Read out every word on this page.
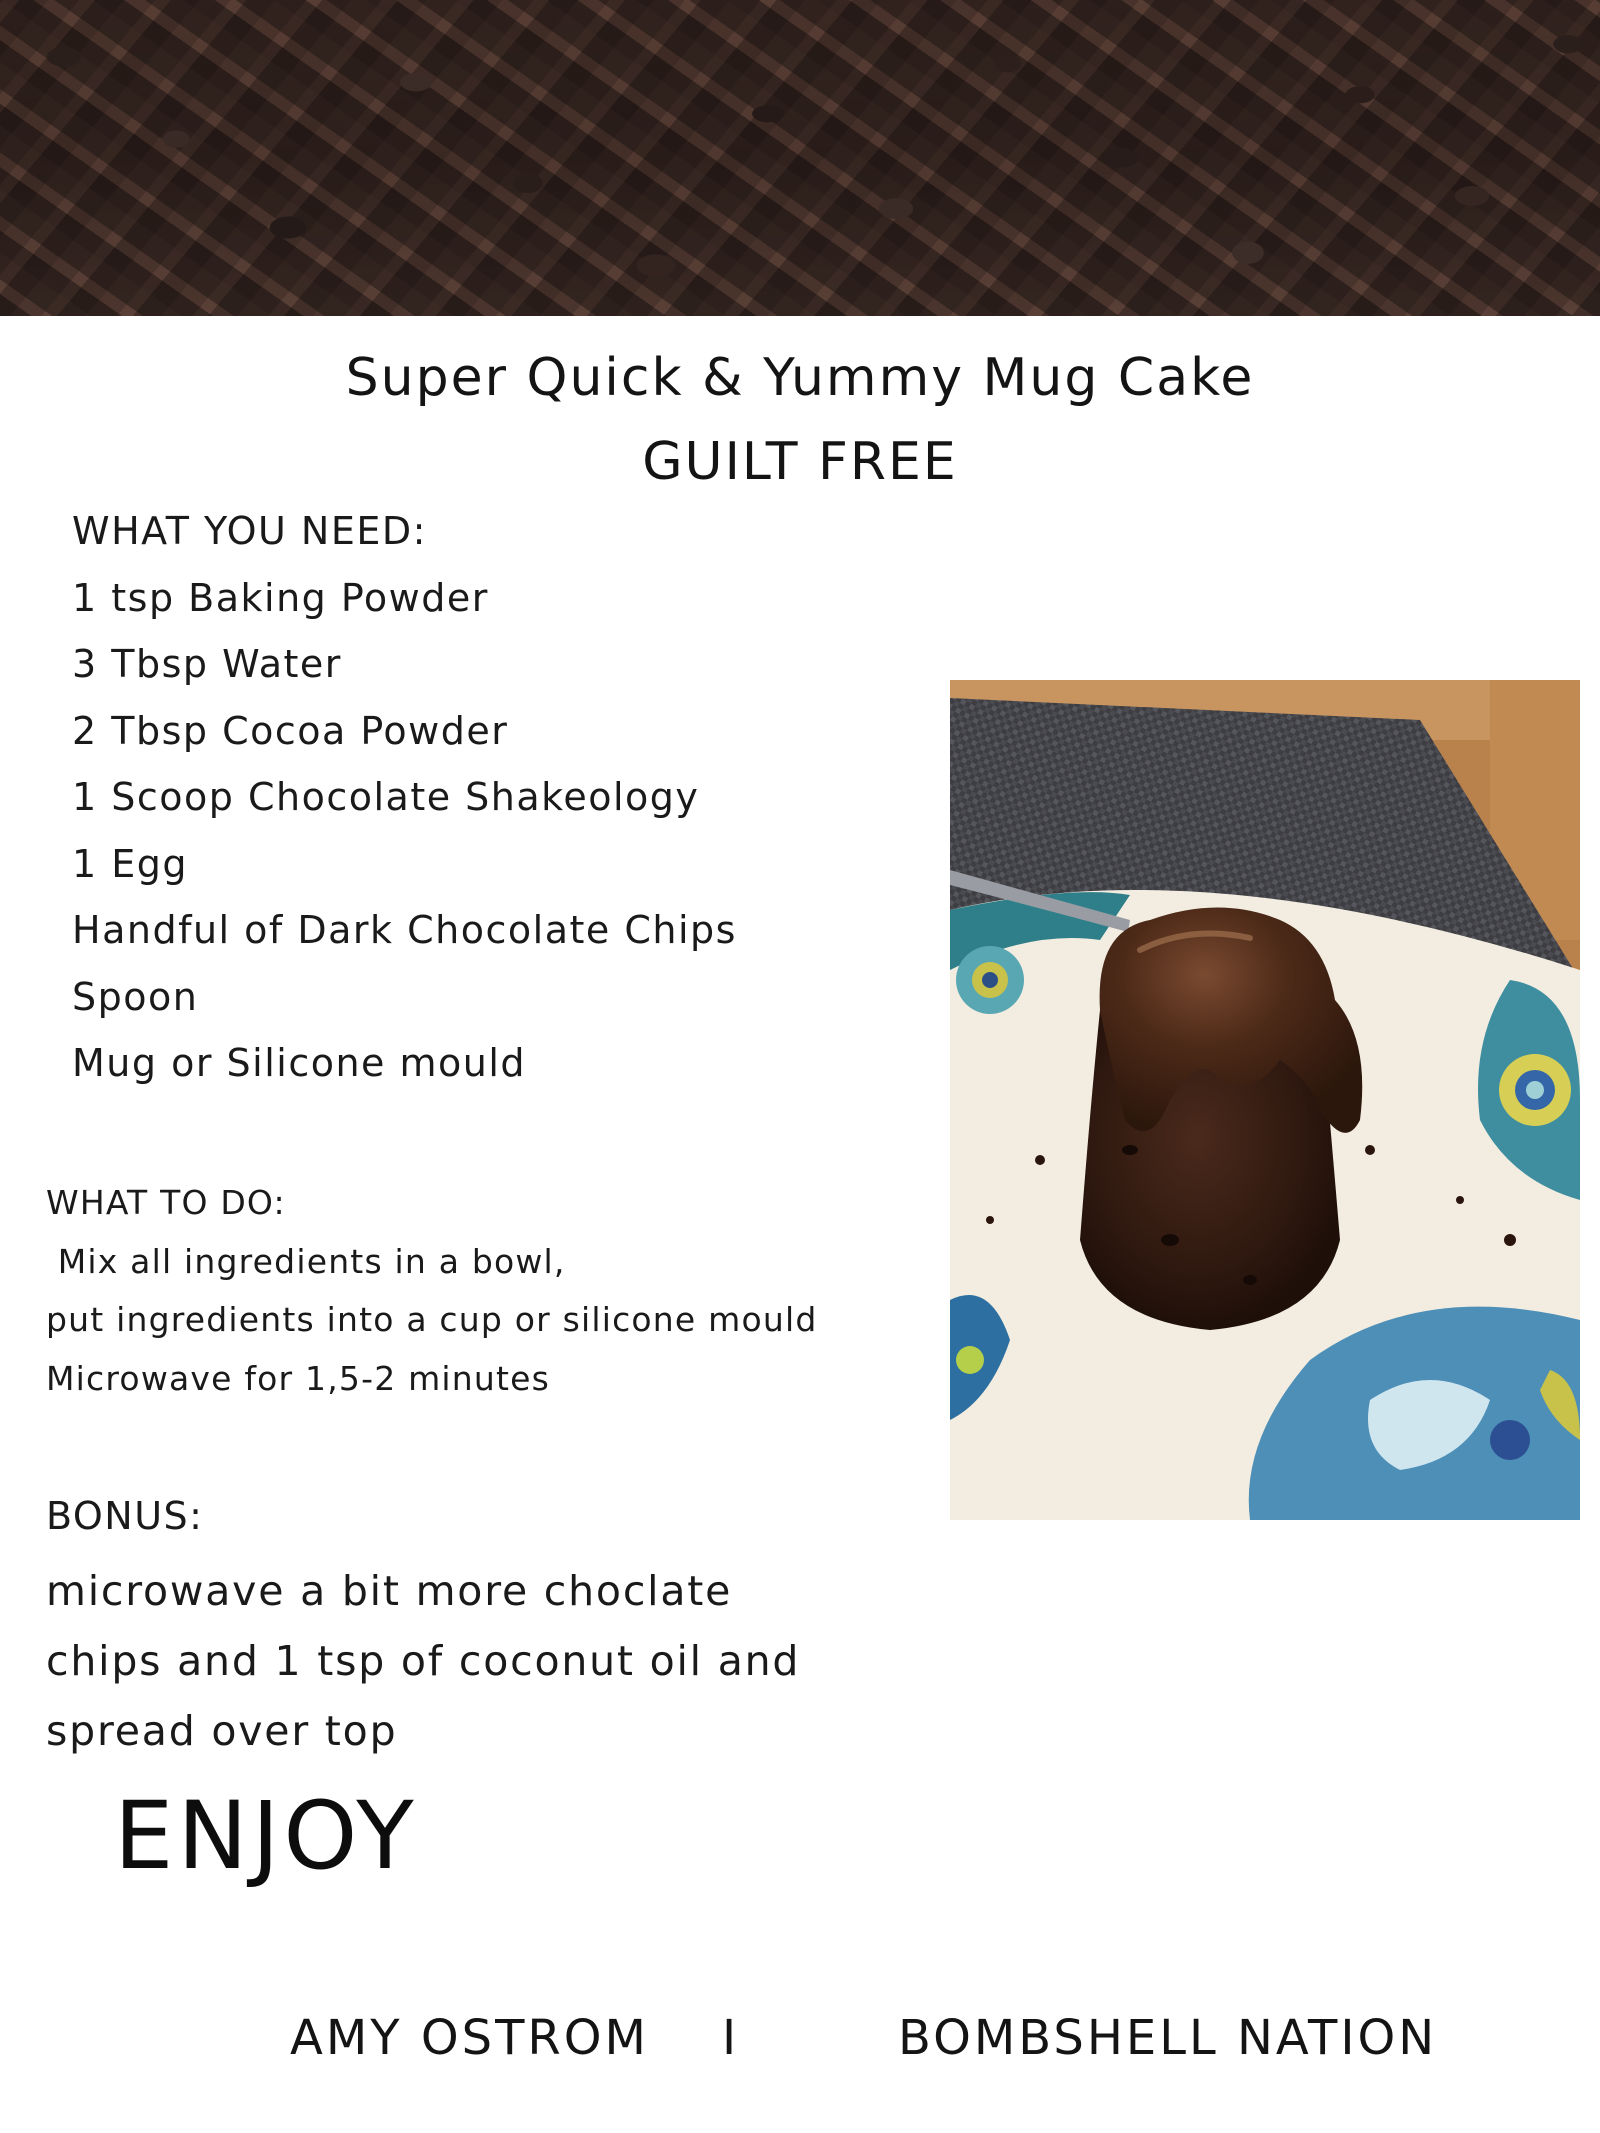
Super Quick & Yummy Mug Cake
GUILT FREE
WHAT YOU NEED:
1 tsp Baking Powder
3 Tbsp Water
2 Tbsp Cocoa Powder
1 Scoop Chocolate Shakeology
1 Egg
Handful of Dark Chocolate Chips
Spoon
Mug or Silicone mould
WHAT TO DO:
Mix all ingredients in a bowl,
put ingredients into a cup or silicone mould
Microwave for 1,5-2 minutes
BONUS:
microwave a bit more choclate
chips and 1 tsp of coconut oil and
spread over top
ENJOY
AMY OSTROM I	BOMBSHELL NATION
